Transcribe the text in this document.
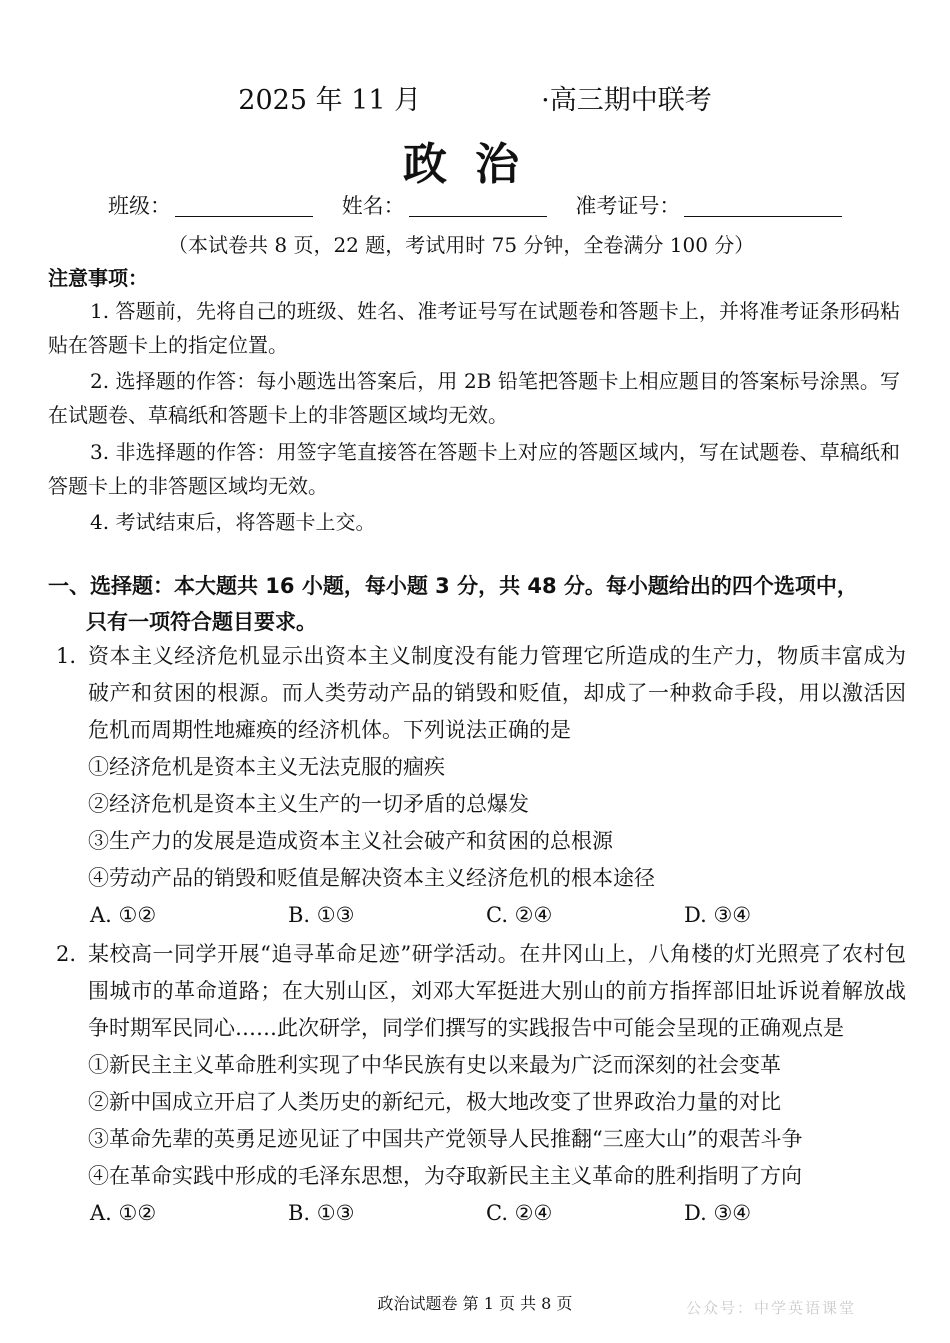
2025 年 11 月	·高三期中联考
政治
班级：	姓名：	准考证号：
（本试卷共 8 页，22 题，考试用时 75 分钟，全卷满分 100 分）
注意事项：
1. 答题前，先将自己的班级、姓名、准考证号写在试题卷和答题卡上，并将准考证条形码粘贴在答题卡上的指定位置。
2. 选择题的作答：每小题选出答案后，用 2B 铅笔把答题卡上相应题目的答案标号涂黑。写在试题卷、草稿纸和答题卡上的非答题区域均无效。
3. 非选择题的作答：用签字笔直接答在答题卡上对应的答题区域内，写在试题卷、草稿纸和答题卡上的非答题区域均无效。
4. 考试结束后，将答题卡上交。
一、选择题：本大题共 16 小题，每小题 3 分，共 48 分。每小题给出的四个选项中，
只有一项符合题目要求。
1. 资本主义经济危机显示出资本主义制度没有能力管理它所造成的生产力，物质丰富成为破产和贫困的根源。而人类劳动产品的销毁和贬值，却成了一种救命手段，用以激活因危机而周期性地瘫痪的经济机体。下列说法正确的是
①经济危机是资本主义无法克服的痼疾
②经济危机是资本主义生产的一切矛盾的总爆发
③生产力的发展是造成资本主义社会破产和贫困的总根源
④劳动产品的销毁和贬值是解决资本主义经济危机的根本途径
A. ①②	B. ①③	C. ②④	D. ③④
2. 某校高一同学开展“追寻革命足迹”研学活动。在井冈山上，八角楼的灯光照亮了农村包围城市的革命道路；在大别山区，刘邓大军挺进大别山的前方指挥部旧址诉说着解放战争时期军民同心……此次研学，同学们撰写的实践报告中可能会呈现的正确观点是
①新民主主义革命胜利实现了中华民族有史以来最为广泛而深刻的社会变革
②新中国成立开启了人类历史的新纪元，极大地改变了世界政治力量的对比
③革命先辈的英勇足迹见证了中国共产党领导人民推翻“三座大山”的艰苦斗争
④在革命实践中形成的毛泽东思想，为夺取新民主主义革命的胜利指明了方向
A. ①②	B. ①③	C. ②④	D. ③④
政治试题卷 第 1 页 共 8 页	公众号：中学英语课堂
